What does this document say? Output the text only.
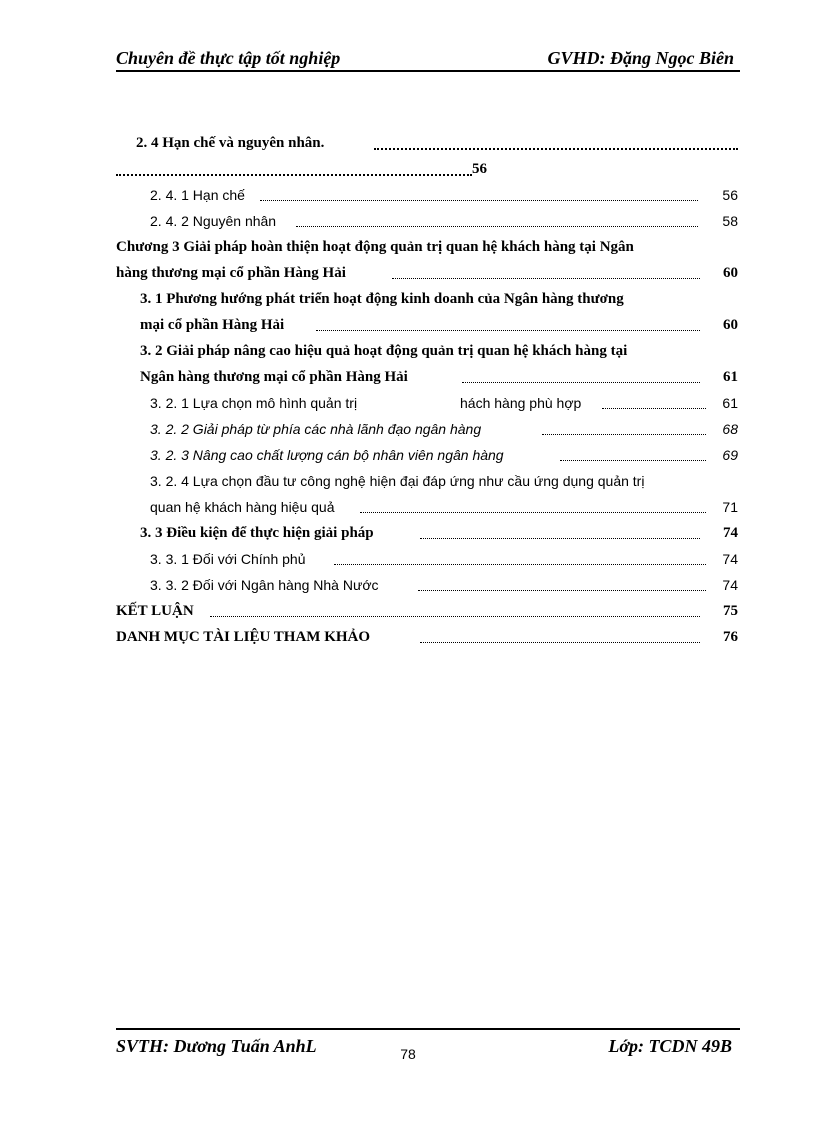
Chuyên đề thực tập tốt nghiệp	GVHD: Đặng Ngọc Biên
2. 4 Hạn chế và nguyên nhân.
56
2. 4. 1 Hạn chế	56
2. 4. 2 Nguyên nhân	58
Chương 3 Giải pháp hoàn thiện hoạt động quản trị quan hệ khách hàng tại Ngân
hàng thương mại cổ phần Hàng Hải	60
3. 1 Phương hướng phát triển hoạt động kinh doanh của Ngân hàng thương
mại cổ phần Hàng Hải	60
3. 2 Giải pháp nâng cao hiệu quả hoạt động quản trị quan hệ khách hàng tại
Ngân hàng thương mại cổ phần Hàng Hải	61
3. 2. 1 Lựa chọn mô hình quản trị	hách hàng phù hợp	61
3. 2. 2 Giải pháp từ phía các nhà lãnh đạo ngân hàng	68
3. 2. 3 Nâng cao chất lượng cán bộ nhân viên ngân hàng	69
3. 2. 4 Lựa chọn đầu tư công nghệ hiện đại đáp ứng như cầu ứng dụng quản trị
quan hệ khách hàng hiệu quả	71
3. 3 Điều kiện để thực hiện giải pháp	74
3. 3. 1 Đối với Chính phủ	74
3. 3. 2 Đối với Ngân hàng Nhà Nước	74
KẾT LUẬN	75
DANH MỤC TÀI LIỆU THAM KHẢO	76
SVTH: Dương Tuấn AnhL	Lớp: TCDN 49B
78
